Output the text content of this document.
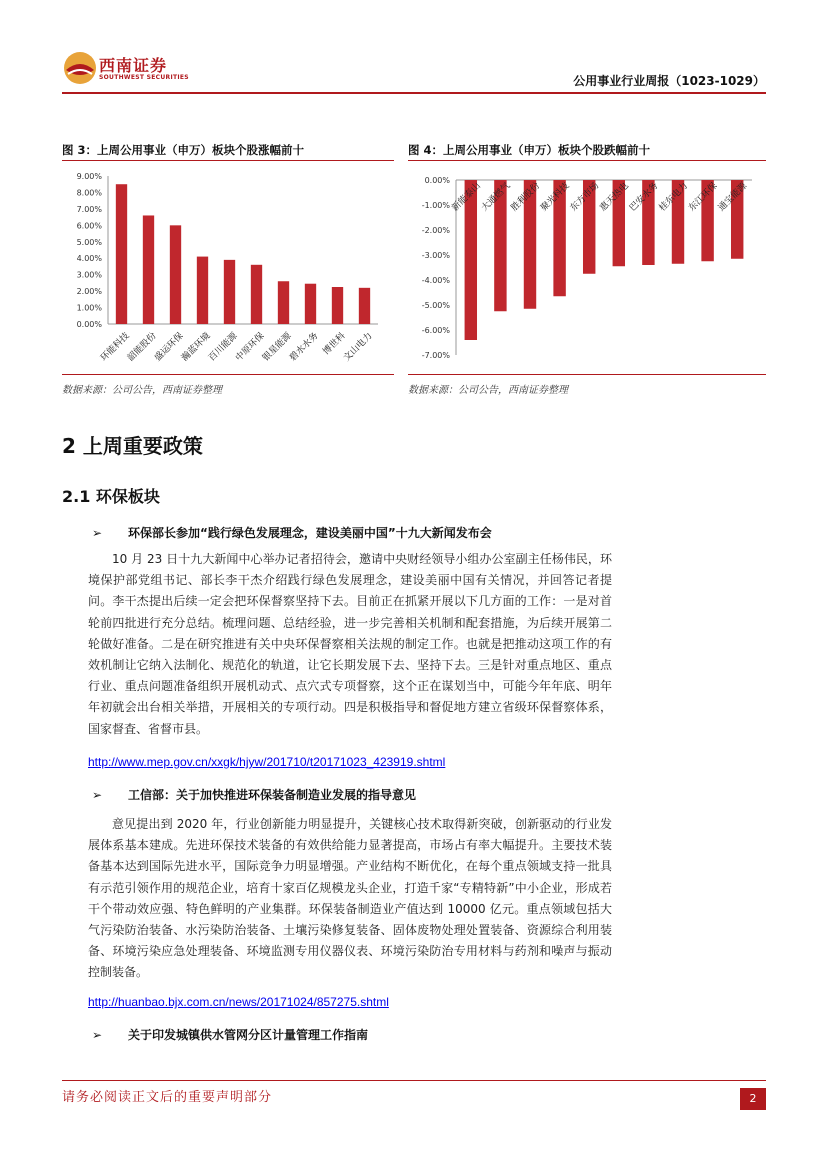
西南证券
SOUTHWEST SECURITIES	公用事业行业周报（1023-1029）
图 3：上周公用事业（申万）板块个股涨幅前十
0.00%
1.00%
2.00%
3.00%
4.00%
5.00%
6.00%
7.00%
8.00%
9.00%
环能科技
韶能股份
盛运环保
瀚蓝环境
百川能源
中原环保
银星能源
碧水水务 博世科
文山电力
数据来源：公司公告，西南证券整理
图 4：上周公用事业（申万）板块个股跌幅前十
0.00%
-1.00%
-2.00%
-3.00%
-4.00%
-5.00%
-6.00%
-7.00%
新能泰山
大通燃气
胜利股份
聚光科技
东方市场
惠天热电
巴安水务
桂东电力
东江环保
通宝能源
数据来源：公司公告，西南证券整理
2 上周重要政策
2.1 环保板块
➢ 环保部长参加“践行绿色发展理念，建设美丽中国”十九大新闻发布会
10 月 23 日十九大新闻中心举办记者招待会，邀请中央财经领导小组办公室副主任杨伟民，环境保护部党组书记、部长李干杰介绍践行绿色发展理念，建设美丽中国有关情况，并回答记者提问。李干杰提出后续一定会把环保督察坚持下去。目前正在抓紧开展以下几方面的工作：一是对首轮前四批进行充分总结。梳理问题、总结经验，进一步完善相关机制和配套措施，为后续开展第二轮做好准备。二是在研究推进有关中央环保督察相关法规的制定工作。也就是把推动这项工作的有效机制让它纳入法制化、规范化的轨道，让它长期发展下去、坚持下去。三是针对重点地区、重点行业、重点问题准备组织开展机动式、点穴式专项督察，这个正在谋划当中，可能今年年底、明年年初就会出台相关举措，开展相关的专项行动。四是积极指导和督促地方建立省级环保督察体系，国家督査、省督市县。
http://www.mep.gov.cn/xxgk/hjyw/201710/t20171023_423919.shtml
➢ 工信部：关于加快推进环保装备制造业发展的指导意见
意见提出到 2020 年，行业创新能力明显提升，关键核心技术取得新突破，创新驱动的行业发展体系基本建成。先进环保技术装备的有效供给能力显著提高，市场占有率大幅提升。主要技术装备基本达到国际先进水平，国际竞争力明显增强。产业结构不断优化，在每个重点领域支持一批具有示范引领作用的规范企业，培育十家百亿规模龙头企业，打造千家“专精特新”中小企业，形成若干个带动效应强、特色鲜明的产业集群。环保装备制造业产值达到 10000 亿元。重点领域包括大气污染防治装备、水污染防治装备、土壤污染修复装备、固体废物处理处置装备、资源综合利用装备、环境污染应急处理装备、环境监测专用仪器仪表、环境污染防治专用材料与药剂和噪声与振动控制装备。
http://huanbao.bjx.com.cn/news/20171024/857275.shtml
➢ 关于印发城镇供水管网分区计量管理工作指南
请务必阅读正文后的重要声明部分	2
